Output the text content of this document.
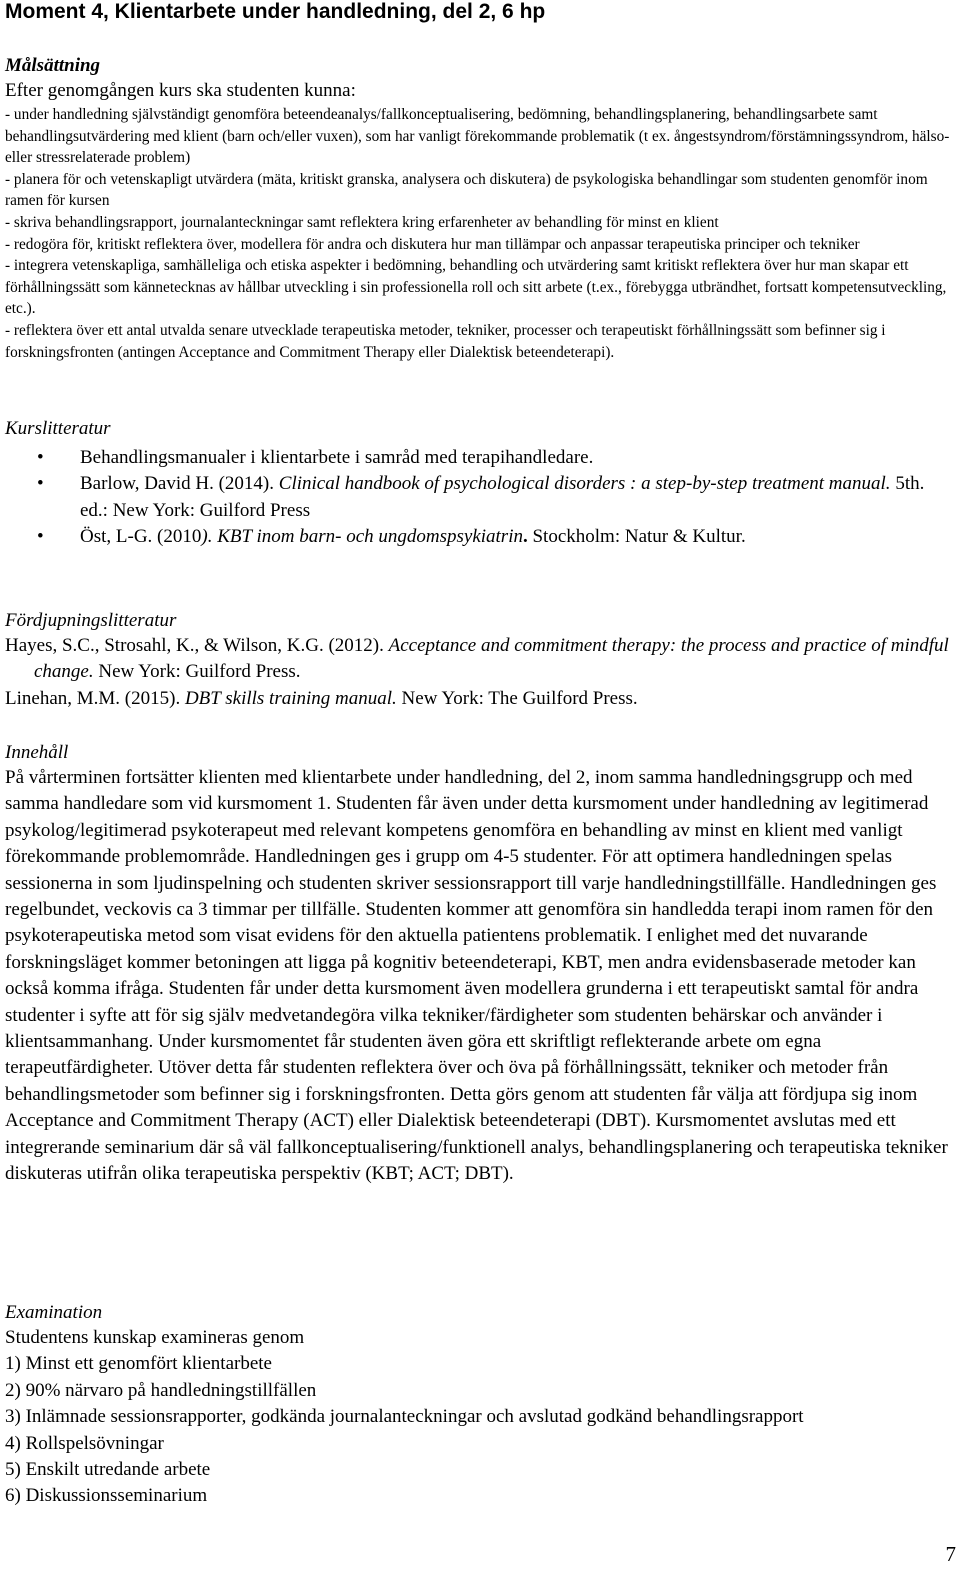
Moment 4, Klientarbete under handledning, del 2, 6 hp

Målsättning

Efter genomgången kurs ska studenten kunna:

- under handledning självständigt genomföra beteendeanalys/fallkonceptualisering, bedömning, behandlingsplanering, behandlingsarbete samt behandlingsutvärdering med klient (barn och/eller vuxen), som har vanligt förekommande problematik (t ex. ångestsyndrom/förstämningssyndrom, hälso- eller stressrelaterade problem)

- planera för och vetenskapligt utvärdera (mäta, kritiskt granska, analysera och diskutera) de psykologiska behandlingar som studenten genomför inom ramen för kursen

- skriva behandlingsrapport, journalanteckningar samt reflektera kring erfarenheter av behandling för minst en klient

- redogöra för, kritiskt reflektera över, modellera för andra och diskutera hur man tillämpar och anpassar terapeutiska principer och tekniker

- integrera vetenskapliga, samhälleliga och etiska aspekter i bedömning, behandling och utvärdering samt kritiskt reflektera över hur man skapar ett förhållningssätt som kännetecknas av hållbar utveckling i sin professionella roll och sitt arbete (t.ex., förebygga utbrändhet, fortsatt kompetensutveckling, etc.).

- reflektera över ett antal utvalda senare utvecklade terapeutiska metoder, tekniker, processer och terapeutiskt förhållningssätt som befinner sig i forskningsfronten (antingen Acceptance and Commitment Therapy eller Dialektisk beteendeterapi).

Kurslitteratur

• Behandlingsmanualer i klientarbete i samråd med terapihandledare.
• Barlow, David H. (2014). Clinical handbook of psychological disorders : a step-by-step treatment manual. 5th. ed.: New York: Guilford Press
• Öst, L-G. (2010). KBT inom barn- och ungdomspsykiatrin. Stockholm: Natur & Kultur.

Fördjupningslitteratur

Hayes, S.C., Strosahl, K., & Wilson, K.G. (2012). Acceptance and commitment therapy: the process and practice of mindful change. New York: Guilford Press.

Linehan, M.M. (2015). DBT skills training manual. New York: The Guilford Press.

Innehåll

På vårterminen fortsätter klienten med klientarbete under handledning, del 2, inom samma handledningsgrupp och med samma handledare som vid kursmoment 1. Studenten får även under detta kursmoment under handledning av legitimerad psykolog/legitimerad psykoterapeut med relevant kompetens genomföra en behandling av minst en klient med vanligt förekommande problemområde. Handledningen ges i grupp om 4-5 studenter. För att optimera handledningen spelas sessionerna in som ljudinspelning och studenten skriver sessionsrapport till varje handledningstillfälle. Handledningen ges regelbundet, veckovis ca 3 timmar per tillfälle. Studenten kommer att genomföra sin handledda terapi inom ramen för den psykoterapeutiska metod som visat evidens för den aktuella patientens problematik. I enlighet med det nuvarande forskningsläget kommer betoningen att ligga på kognitiv beteendeterapi, KBT, men andra evidensbaserade metoder kan också komma ifråga. Studenten får under detta kursmoment även modellera grunderna i ett terapeutiskt samtal för andra studenter i syfte att för sig själv medvetandegöra vilka tekniker/färdigheter som studenten behärskar och använder i klientsammanhang. Under kursmomentet får studenten även göra ett skriftligt reflekterande arbete om egna terapeutfärdigheter. Utöver detta får studenten reflektera över och öva på förhållningssätt, tekniker och metoder från behandlingsmetoder som befinner sig i forskningsfronten. Detta görs genom att studenten får välja att fördjupa sig inom Acceptance and Commitment Therapy (ACT) eller Dialektisk beteendeterapi (DBT). Kursmomentet avslutas med ett integrerande seminarium där så väl fallkonceptualisering/funktionell analys, behandlingsplanering och terapeutiska tekniker diskuteras utifrån olika terapeutiska perspektiv (KBT; ACT; DBT).

Examination

Studentens kunskap examineras genom

1) Minst ett genomfört klientarbete

2) 90% närvaro på handledningstillfällen

3) Inlämnade sessionsrapporter, godkända journalanteckningar och avslutad godkänd behandlingsrapport

4) Rollspelsövningar

5) Enskilt utredande arbete

6) Diskussionsseminarium

7
